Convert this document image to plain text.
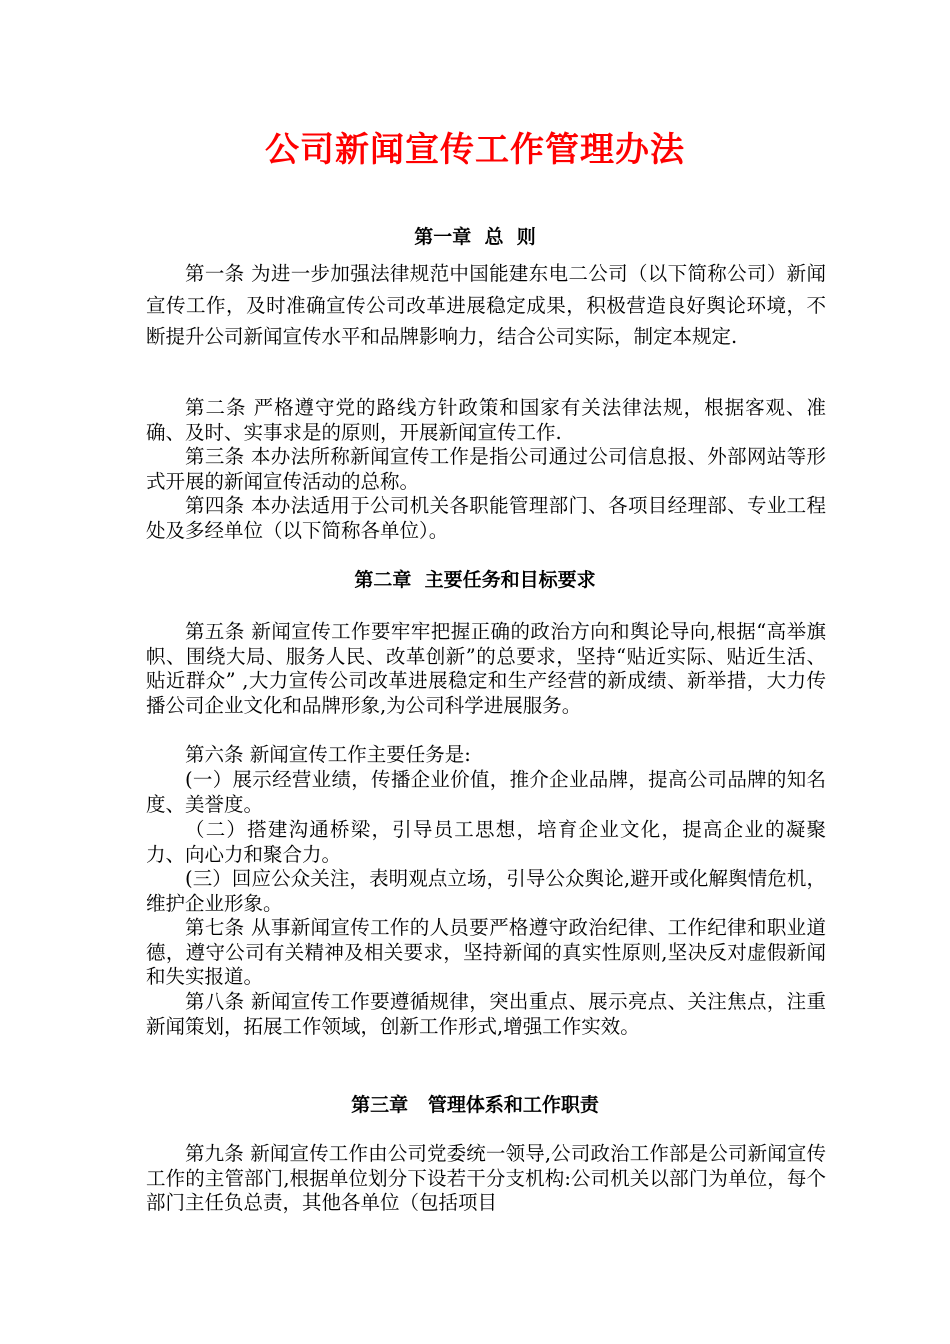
公司新闻宣传工作管理办法
第一章  总  则
第一条 为进一步加强法律规范中国能建东电二公司（以下简称公司）新闻宣传工作，及时准确宣传公司改革进展稳定成果，积极营造良好舆论环境，不断提升公司新闻宣传水平和品牌影响力，结合公司实际，制定本规定.
第二条 严格遵守党的路线方针政策和国家有关法律法规，根据客观、准确、及时、实事求是的原则，开展新闻宣传工作.
第三条 本办法所称新闻宣传工作是指公司通过公司信息报、外部网站等形式开展的新闻宣传活动的总称。
第四条 本办法适用于公司机关各职能管理部门、各项目经理部、专业工程处及多经单位（以下简称各单位）。
第二章  主要任务和目标要求
第五条 新闻宣传工作要牢牢把握正确的政治方向和舆论导向,根据“高举旗帜、围绕大局、服务人民、改革创新”的总要求，坚持“贴近实际、贴近生活、贴近群众” ,大力宣传公司改革进展稳定和生产经营的新成绩、新举措，大力传播公司企业文化和品牌形象,为公司科学进展服务。
第六条 新闻宣传工作主要任务是:
(一）展示经营业绩，传播企业价值，推介企业品牌，提高公司品牌的知名度、美誉度。
（二）搭建沟通桥梁，引导员工思想，培育企业文化，提高企业的凝聚力、向心力和聚合力。
(三）回应公众关注，表明观点立场，引导公众舆论,避开或化解舆情危机，维护企业形象。
第七条 从事新闻宣传工作的人员要严格遵守政治纪律、工作纪律和职业道德，遵守公司有关精神及相关要求，坚持新闻的真实性原则,坚决反对虚假新闻和失实报道。
第八条 新闻宣传工作要遵循规律，突出重点、展示亮点、关注焦点，注重新闻策划，拓展工作领域，创新工作形式,增强工作实效。
第三章   管理体系和工作职责
第九条 新闻宣传工作由公司党委统一领导,公司政治工作部是公司新闻宣传工作的主管部门,根据单位划分下设若干分支机构:公司机关以部门为单位，每个部门主任负总责，其他各单位（包括项目
